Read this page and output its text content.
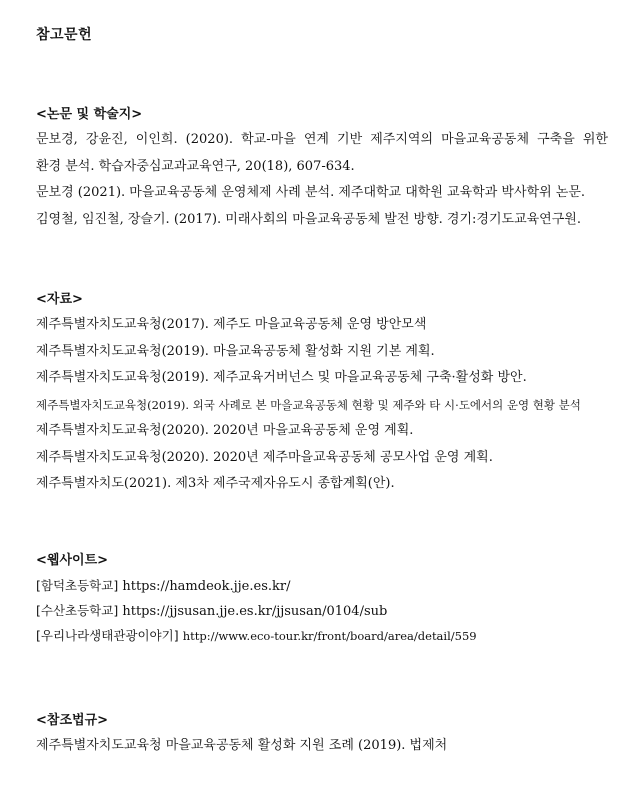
참고문헌
<논문 및 학술지>
문보경, 강윤진, 이인희. (2020). 학교-마을 연계 기반 제주지역의 마을교육공동체 구축을 위한
환경 분석. 학습자중심교과교육연구, 20(18), 607-634.
문보경 (2021). 마을교육공동체 운영체제 사례 분석. 제주대학교 대학원 교육학과 박사학위 논문.
김영철, 임진철, 장슬기. (2017). 미래사회의 마을교육공동체 발전 방향. 경기:경기도교육연구원.
<자료>
제주특별자치도교육청(2017). 제주도 마을교육공동체 운영 방안모색
제주특별자치도교육청(2019). 마을교육공동체 활성화 지원 기본 계획.
제주특별자치도교육청(2019). 제주교육거버넌스 및 마을교육공동체 구축·활성화 방안.
제주특별자치도교육청(2019). 외국 사례로 본 마을교육공동체 현황 및 제주와 타 시·도에서의 운영 현황 분석
제주특별자치도교육청(2020). 2020년 마을교육공동체 운영 계획.
제주특별자치도교육청(2020). 2020년 제주마을교육공동체 공모사업 운영 계획.
제주특별자치도(2021). 제3차 제주국제자유도시 종합계획(안).
<웹사이트>
[함덕초등학교] https://hamdeok.jje.es.kr/
[수산초등학교] https://jjsusan.jje.es.kr/jjsusan/0104/sub
[우리나라생태관광이야기] http://www.eco-tour.kr/front/board/area/detail/559
<참조법규>
제주특별자치도교육청 마을교육공동체 활성화 지원 조례 (2019). 법제처
